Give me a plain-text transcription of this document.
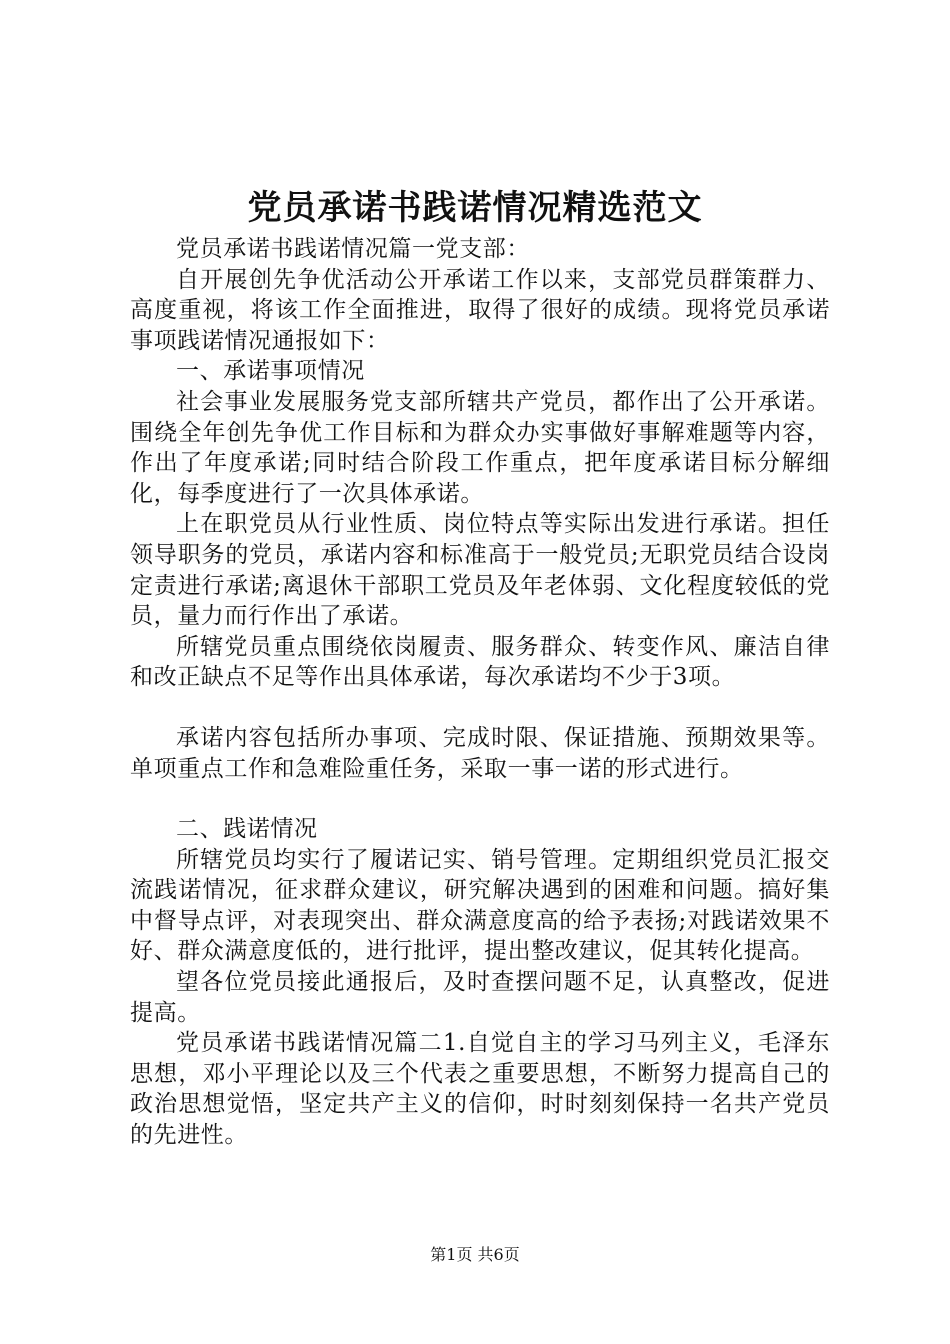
党员承诺书践诺情况精选范文

党员承诺书践诺情况篇一党支部：

自开展创先争优活动公开承诺工作以来，支部党员群策群力、高度重视，将该工作全面推进，取得了很好的成绩。现将党员承诺事项践诺情况通报如下：

一、承诺事项情况

社会事业发展服务党支部所辖共产党员，都作出了公开承诺。围绕全年创先争优工作目标和为群众办实事做好事解难题等内容，作出了年度承诺;同时结合阶段工作重点，把年度承诺目标分解细化，每季度进行了一次具体承诺。

上在职党员从行业性质、岗位特点等实际出发进行承诺。担任领导职务的党员，承诺内容和标准高于一般党员;无职党员结合设岗定责进行承诺;离退休干部职工党员及年老体弱、文化程度较低的党员，量力而行作出了承诺。

所辖党员重点围绕依岗履责、服务群众、转变作风、廉洁自律和改正缺点不足等作出具体承诺，每次承诺均不少于3项。

承诺内容包括所办事项、完成时限、保证措施、预期效果等。单项重点工作和急难险重任务，采取一事一诺的形式进行。

二、践诺情况

所辖党员均实行了履诺记实、销号管理。定期组织党员汇报交流践诺情况，征求群众建议，研究解决遇到的困难和问题。搞好集中督导点评，对表现突出、群众满意度高的给予表扬;对践诺效果不好、群众满意度低的，进行批评，提出整改建议，促其转化提高。

望各位党员接此通报后，及时查摆问题不足，认真整改，促进提高。

党员承诺书践诺情况篇二1.自觉自主的学习马列主义，毛泽东思想，邓小平理论以及三个代表之重要思想，不断努力提高自己的政治思想觉悟，坚定共产主义的信仰，时时刻刻保持一名共产党员的先进性。

第1页 共6页
